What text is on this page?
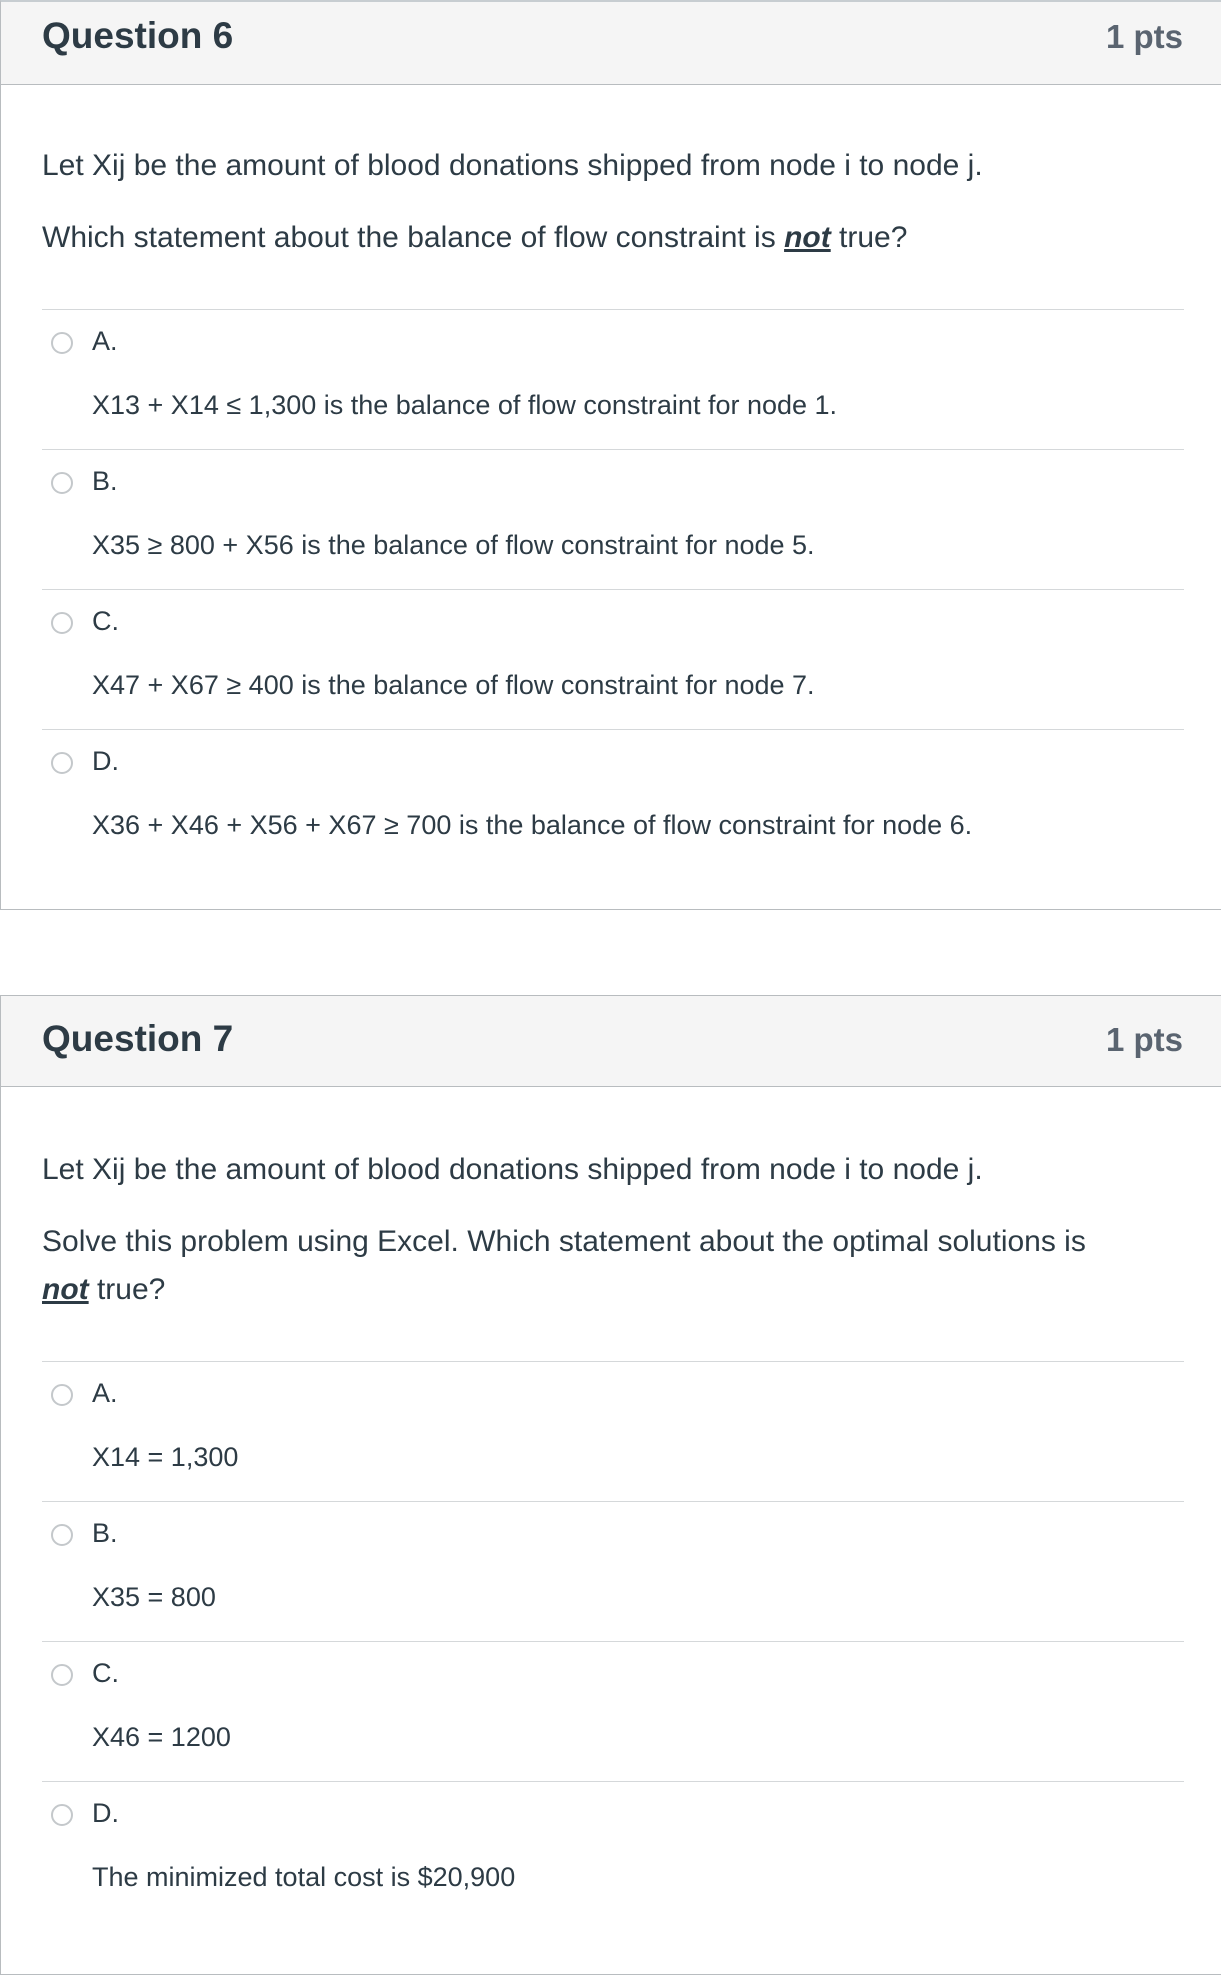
Question 6	1 pts
Let Xij be the amount of blood donations shipped from node i to node j.
Which statement about the balance of flow constraint is not true?
A.
X13 + X14 ≤ 1,300 is the balance of flow constraint for node 1.
B.
X35 ≥ 800 + X56 is the balance of flow constraint for node 5.
C.
X47 + X67 ≥ 400 is the balance of flow constraint for node 7.
D.
X36 + X46 + X56 + X67 ≥ 700 is the balance of flow constraint for node 6.
Question 7	1 pts
Let Xij be the amount of blood donations shipped from node i to node j.
Solve this problem using Excel. Which statement about the optimal solutions is
not true?
A.
X14 = 1,300
B.
X35 = 800
C.
X46 = 1200
D.
The minimized total cost is $20,900
